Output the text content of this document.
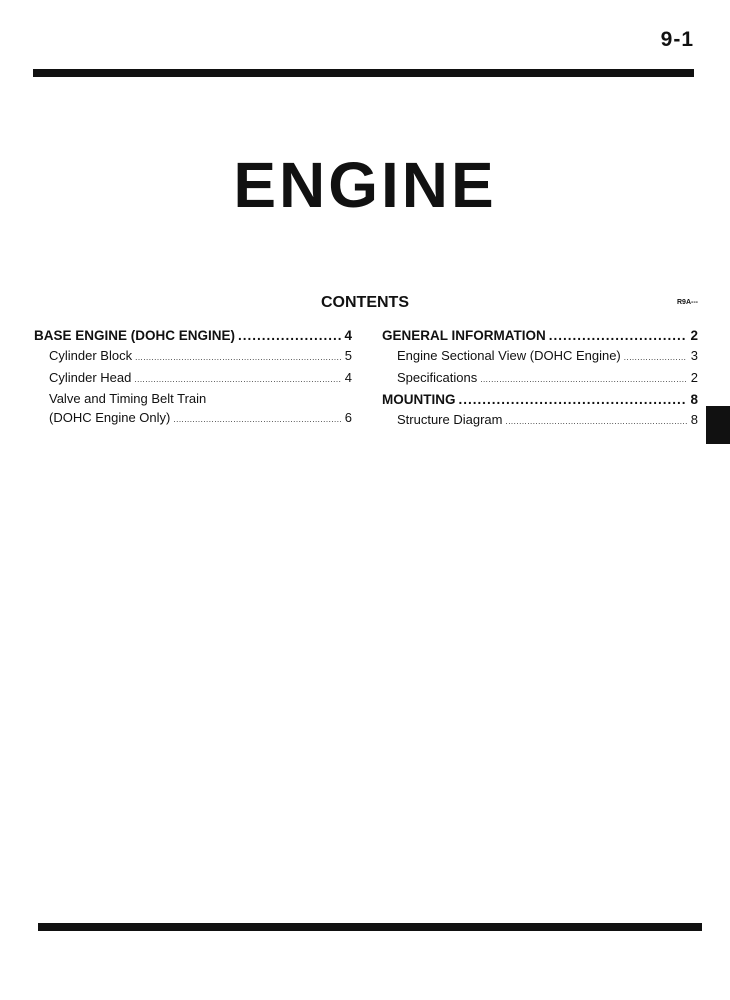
9-1
ENGINE
CONTENTS	R9A---
BASE ENGINE (DOHC ENGINE) .....	4
Cylinder Block .....	5
Cylinder Head .....	4
Valve and Timing Belt Train
(DOHC Engine Only) .....	6
GENERAL INFORMATION .....	2
Engine Sectional View (DOHC Engine) .....	3
Specifications .....	2
MOUNTING .....	8
Structure Diagram .....	8
